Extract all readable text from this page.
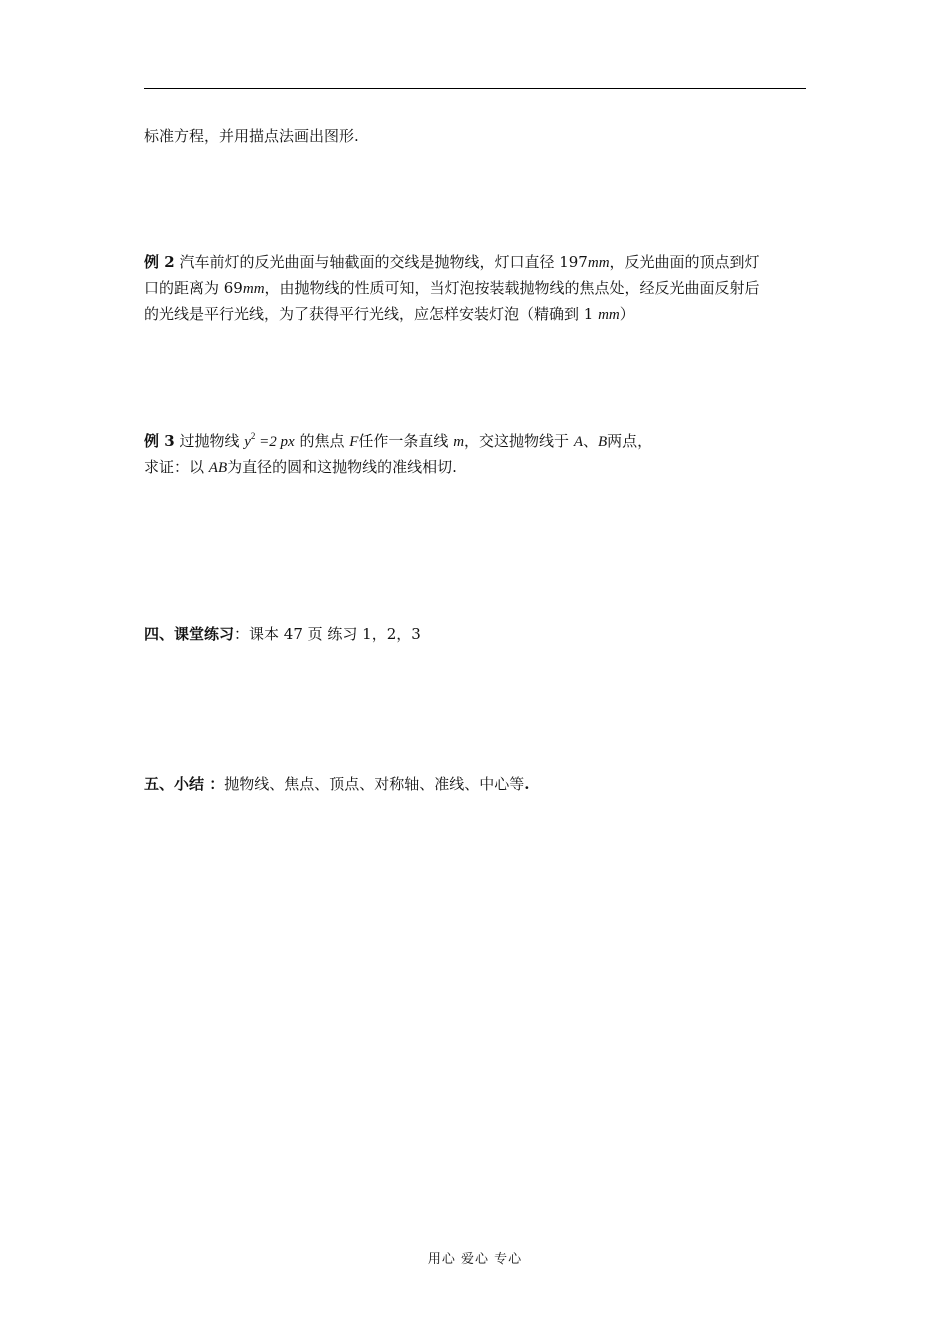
标准方程，并用描点法画出图形.
例 2 汽车前灯的反光曲面与轴截面的交线是抛物线，灯口直径 197mm，反光曲面的顶点到灯
口的距离为 69mm，由抛物线的性质可知，当灯泡按装载抛物线的焦点处，经反光曲面反射后
的光线是平行光线，为了获得平行光线，应怎样安装灯泡（精确到 1 mm）
例 3 过抛物线 $y^2 =2$ px 的焦点 F任作一条直线 m，交这抛物线于 A、B两点，
求证：以 AB为直径的圆和这抛物线的准线相切.
四、课堂练习：课本 47 页 练习 1，2，3
五、小结 ：抛物线、焦点、顶点、对称轴、准线、中心等.
用心 爱心 专心
